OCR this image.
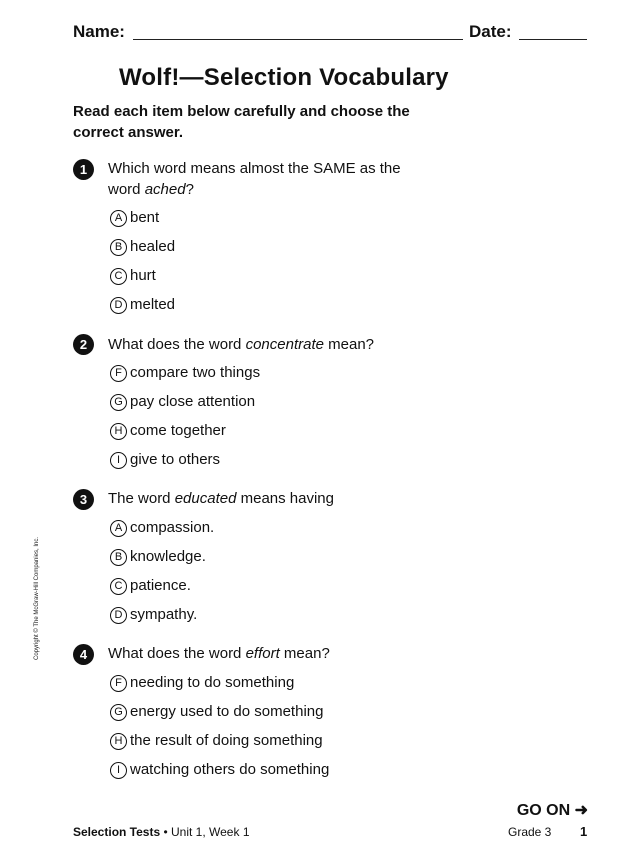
Name:	Date:
Wolf!—Selection Vocabulary
Read each item below carefully and choose the correct answer.
1	Which word means almost the SAME as the word ached?
A bent
B healed
C hurt
D melted
2	What does the word concentrate mean?
F compare two things
G pay close attention
H come together
I give to others
3	The word educated means having
A compassion.
B knowledge.
C patience.
D sympathy.
4	What does the word effort mean?
F needing to do something
G energy used to do something
H the result of doing something
I watching others do something
Copyright © The McGraw-Hill Companies, Inc.
GO ON ➜
Selection Tests • Unit 1, Week 1	Grade 3 1
